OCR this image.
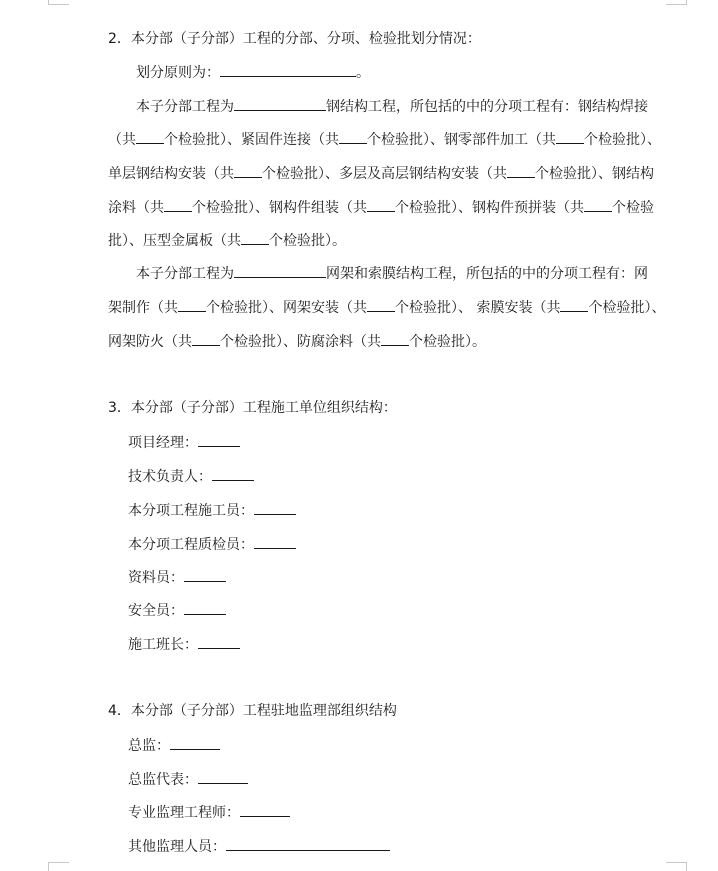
2．本分部（子分部）工程的分部、分项、检验批划分情况：
划分原则为：	。
本子分部工程为	钢结构工程，所包括的中的分项工程有：钢结构焊接
（共 个检验批）、紧固件连接（共 个检验批）、钢零部件加工（共 个检验批）、
单层钢结构安装（共 个检验批）、多层及高层钢结构安装（共 个检验批）、钢结构
涂料（共 个检验批）、钢构件组装（共 个检验批）、钢构件预拼装（共 个检验
批）、压型金属板（共 个检验批）。
本子分部工程为	网架和索膜结构工程，所包括的中的分项工程有：网
架制作（共 个检验批）、网架安装（共 个检验批）、 索膜安装（共 个检验批）、
网架防火（共 个检验批）、防腐涂料（共 个检验批）。
3．本分部（子分部）工程施工单位组织结构：
项目经理：
技术负责人：
本分项工程施工员：
本分项工程质检员：
资料员：
安全员：
施工班长：
4．本分部（子分部）工程驻地监理部组织结构
总监：
总监代表：
专业监理工程师：
其他监理人员：
